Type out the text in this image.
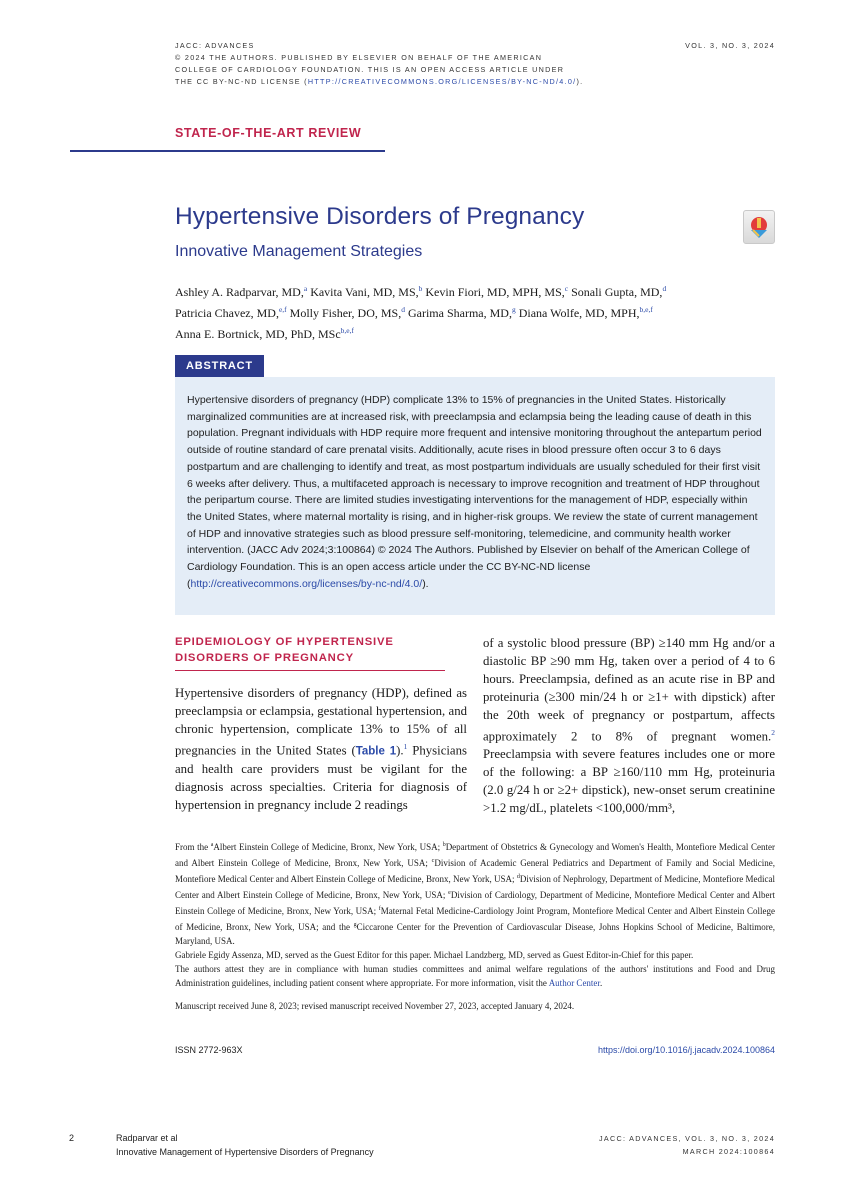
JACC: ADVANCES
© 2024 THE AUTHORS. PUBLISHED BY ELSEVIER ON BEHALF OF THE AMERICAN
COLLEGE OF CARDIOLOGY FOUNDATION. THIS IS AN OPEN ACCESS ARTICLE UNDER
THE CC BY-NC-ND LICENSE (HTTP://CREATIVECOMMONS.ORG/LICENSES/BY-NC-ND/4.0/).
VOL. 3, NO. 3, 2024
STATE-OF-THE-ART REVIEW
Hypertensive Disorders of Pregnancy
Innovative Management Strategies
Ashley A. Radparvar, MD,$^a$ Kavita Vani, MD, MS,$^b$ Kevin Fiori, MD, MPH, MS,$^c$ Sonali Gupta, MD,$^d$
Patricia Chavez, MD,$^{e,f}$ Molly Fisher, DO, MS,$^d$ Garima Sharma, MD,$^g$ Diana Wolfe, MD, MPH,$^{b,e,f}$
Anna E. Bortnick, MD, PhD, MSc$^{b,e,f}$
ABSTRACT
Hypertensive disorders of pregnancy (HDP) complicate 13% to 15% of pregnancies in the United States. Historically marginalized communities are at increased risk, with preeclampsia and eclampsia being the leading cause of death in this population. Pregnant individuals with HDP require more frequent and intensive monitoring throughout the antepartum period outside of routine standard of care prenatal visits. Additionally, acute rises in blood pressure often occur 3 to 6 days postpartum and are challenging to identify and treat, as most postpartum individuals are usually scheduled for their first visit 6 weeks after delivery. Thus, a multifaceted approach is necessary to improve recognition and treatment of HDP throughout the peripartum course. There are limited studies investigating interventions for the management of HDP, especially within the United States, where maternal mortality is rising, and in higher-risk groups. We review the state of current management of HDP and innovative strategies such as blood pressure self-monitoring, telemedicine, and community health worker intervention. (JACC Adv 2024;3:100864) © 2024 The Authors. Published by Elsevier on behalf of the American College of Cardiology Foundation. This is an open access article under the CC BY-NC-ND license (http://creativecommons.org/licenses/by-nc-nd/4.0/).
EPIDEMIOLOGY OF HYPERTENSIVE
DISORDERS OF PREGNANCY
Hypertensive disorders of pregnancy (HDP), defined as preeclampsia or eclampsia, gestational hypertension, and chronic hypertension, complicate 13% to 15% of all pregnancies in the United States (Table 1).$^1$ Physicians and health care providers must be vigilant for the diagnosis across specialties. Criteria for diagnosis of hypertension in pregnancy include 2 readings
of a systolic blood pressure (BP) ≥140 mm Hg and/or a diastolic BP ≥90 mm Hg, taken over a period of 4 to 6 hours. Preeclampsia, defined as an acute rise in BP and proteinuria (≥300 min/24 h or ≥1+ with dipstick) after the 20th week of pregnancy or postpartum, affects approximately 2 to 8% of pregnant women.$^2$ Preeclampsia with severe features includes one or more of the following: a BP ≥160/110 mm Hg, proteinuria (2.0 g/24 h or ≥2+ dipstick), new-onset serum creatinine >1.2 mg/dL, platelets <100,000/mm³,
From the $^a$Albert Einstein College of Medicine, Bronx, New York, USA; $^b$Department of Obstetrics & Gynecology and Women's Health, Montefiore Medical Center and Albert Einstein College of Medicine, Bronx, New York, USA; $^c$Division of Academic General Pediatrics and Department of Family and Social Medicine, Montefiore Medical Center and Albert Einstein College of Medicine, Bronx, New York, USA; $^d$Division of Nephrology, Department of Medicine, Montefiore Medical Center and Albert Einstein College of Medicine, Bronx, New York, USA; $^e$Division of Cardiology, Department of Medicine, Montefiore Medical Center and Albert Einstein College of Medicine, Bronx, New York, USA; $^f$Maternal Fetal Medicine-Cardiology Joint Program, Montefiore Medical Center and Albert Einstein College of Medicine, Bronx, New York, USA; and the $^g$Ciccarone Center for the Prevention of Cardiovascular Disease, Johns Hopkins School of Medicine, Baltimore, Maryland, USA.
Gabriele Egidy Assenza, MD, served as the Guest Editor for this paper. Michael Landzberg, MD, served as Guest Editor-in-Chief for this paper.
The authors attest they are in compliance with human studies committees and animal welfare regulations of the authors' institutions and Food and Drug Administration guidelines, including patient consent where appropriate. For more information, visit the Author Center.
Manuscript received June 8, 2023; revised manuscript received November 27, 2023, accepted January 4, 2024.
ISSN 2772-963X	https://doi.org/10.1016/j.jacadv.2024.100864
2	Radparvar et al
Innovative Management of Hypertensive Disorders of Pregnancy
JACC: ADVANCES, VOL. 3, NO. 3, 2024
MARCH 2024:100864
